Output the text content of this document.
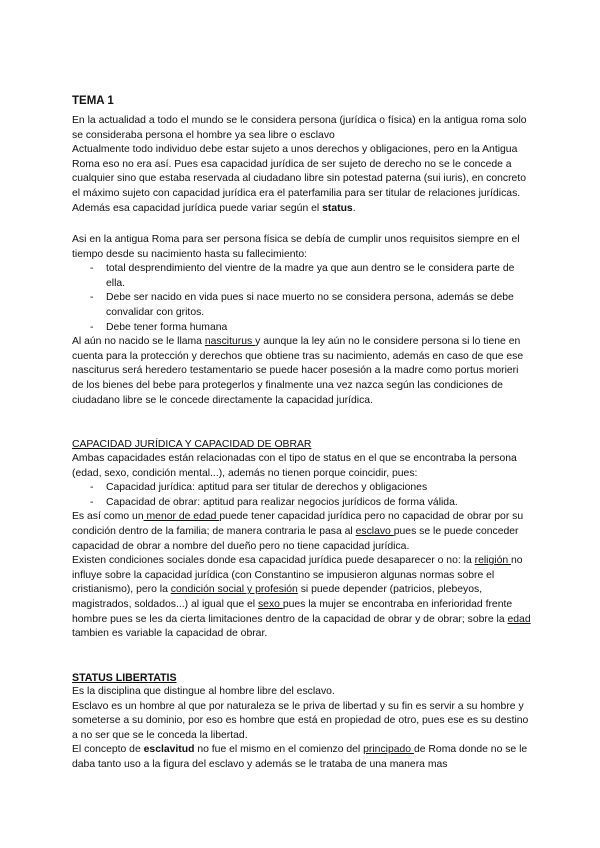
TEMA 1

En la actualidad a todo el mundo se le considera persona (jurídica o física) en la antigua roma solo se consideraba persona el hombre ya sea libre o esclavo

Actualmente todo individuo debe estar sujeto a unos derechos y obligaciones, pero en la Antigua Roma eso no era así. Pues esa capacidad jurídica de ser sujeto de derecho no se le concede a cualquier sino que estaba reservada al ciudadano libre sin potestad paterna (sui iuris), en concreto el máximo sujeto con capacidad jurídica era el paterfamilia para ser titular de relaciones jurídicas. Además esa capacidad jurídica puede variar según el status.

Asi en la antigua Roma para ser persona física se debía de cumplir unos requisitos siempre en el tiempo desde su nacimiento hasta su fallecimiento:

- total desprendimiento del vientre de la madre ya que aun dentro se le considera parte de ella.
- Debe ser nacido en vida pues si nace muerto no se considera persona, además se debe convalidar con gritos.
- Debe tener forma humana

Al aún no nacido se le llama nasciturus y aunque la ley aún no le considere persona si lo tiene en cuenta para la protección y derechos que obtiene tras su nacimiento, además en caso de que ese nasciturus será heredero testamentario se puede hacer posesión a la madre como portus morieri de los bienes del bebe para protegerlos y finalmente una vez nazca según las condiciones de ciudadano libre se le concede directamente la capacidad jurídica.

CAPACIDAD JURÍDICA Y CAPACIDAD DE OBRAR

Ambas capacidades están relacionadas con el tipo de status en el que se encontraba la persona (edad, sexo, condición mental...), además no tienen porque coincidir, pues:

- Capacidad jurídica: aptitud para ser titular de derechos y obligaciones
- Capacidad de obrar: aptitud para realizar negocios jurídicos de forma válida.

Es así como un menor de edad puede tener capacidad jurídica pero no capacidad de obrar por su condición dentro de la familia; de manera contraria le pasa al esclavo pues se le puede conceder capacidad de obrar a nombre del dueño pero no tiene capacidad jurídica.

Existen condiciones sociales donde esa capacidad jurídica puede desaparecer o no: la religión no influye sobre la capacidad jurídica (con Constantino se impusieron algunas normas sobre el cristianismo), pero la condición social y profesión si puede depender (patricios, plebeyos, magistrados, soldados...) al igual que el sexo pues la mujer se encontraba en inferioridad frente hombre pues se les da cierta limitaciones dentro de la capacidad de obrar y de obrar; sobre la edad tambien es variable la capacidad de obrar.

STATUS LIBERTATIS

Es la disciplina que distingue al hombre libre del esclavo.

Esclavo es un hombre al que por naturaleza se le priva de libertad y su fin es servir a su hombre y someterse a su dominio, por eso es hombre que está en propiedad de otro, pues ese es su destino a no ser que se le conceda la libertad.

El concepto de esclavitud no fue el mismo en el comienzo del principado de Roma donde no se le daba tanto uso a la figura del esclavo y además se le trataba de una manera mas
